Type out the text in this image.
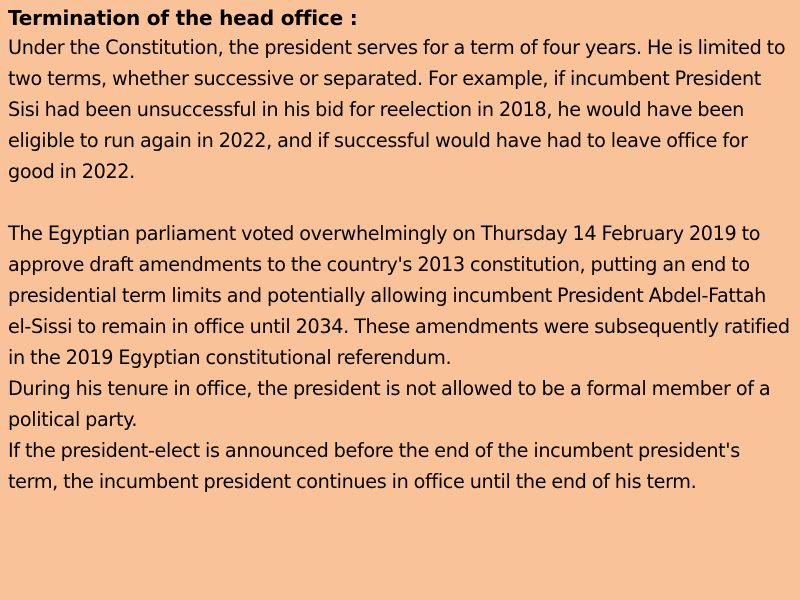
Termination of the head office :

Under the Constitution, the president serves for a term of four years. He is limited to two terms, whether successive or separated. For example, if incumbent President Sisi had been unsuccessful in his bid for reelection in 2018, he would have been eligible to run again in 2022, and if successful would have had to leave office for good in 2022.

The Egyptian parliament voted overwhelmingly on Thursday 14 February 2019 to approve draft amendments to the country's 2013 constitution, putting an end to presidential term limits and potentially allowing incumbent President Abdel-Fattah el-Sissi to remain in office until 2034. These amendments were subsequently ratified in the 2019 Egyptian constitutional referendum.

During his tenure in office, the president is not allowed to be a formal member of a political party.

If the president-elect is announced before the end of the incumbent president's term, the incumbent president continues in office until the end of his term.
